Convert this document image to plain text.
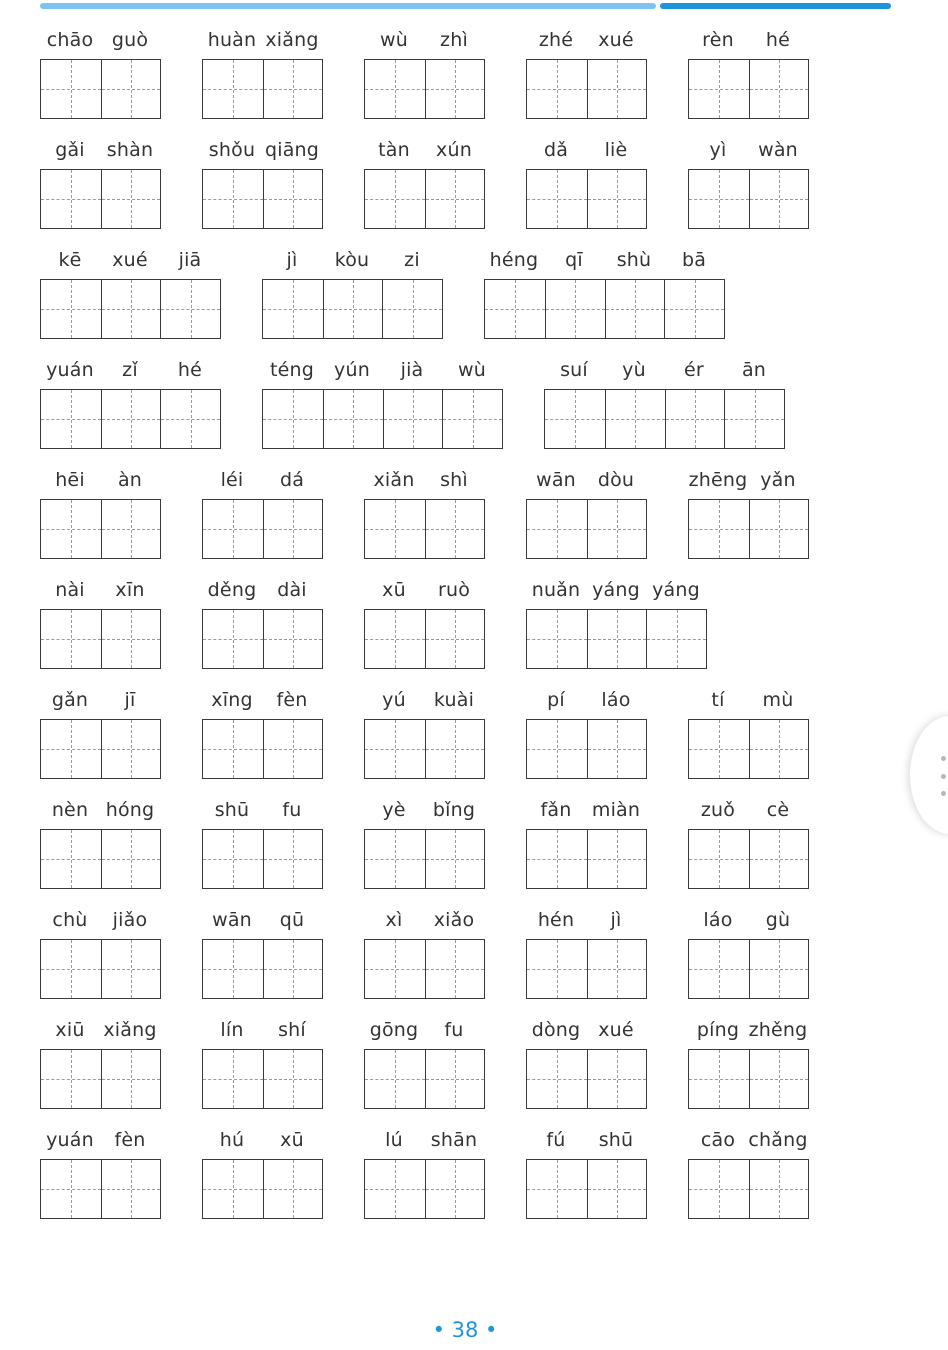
chāo guò	huàn xiǎng	wù	zhì	zhé	xué	rèn	hé
gǎi	shàn	shǒu qiāng	tàn	xún	dǎ	liè	yì	wàn
kē	xué	jiā	jì	kòu	zi	héng	qī	shù	bā
yuán	zǐ	hé	téng	yún	jià	wù	suí	yù	ér	ān
hēi	àn	léi	dá	xiǎn	shì	wān	dòu	zhēng yǎn
nài	xīn	děng	dài	xū	ruò	nuǎn yáng yáng
gǎn	jī	xīng	fèn	yú	kuài	pí	láo	tí	mù
nèn hóng	shū	fu	yè	bǐng	fǎn	miàn	zuǒ	cè
chù	jiǎo	wān	qū	xì	xiǎo	hén	jì	láo	gù
xiū xiǎng	lín	shí	gōng	fu	dòng xué	píng zhěng
yuán	fèn	hú	xū	lú	shān	fú	shū	cāo chǎng
• 38 •
